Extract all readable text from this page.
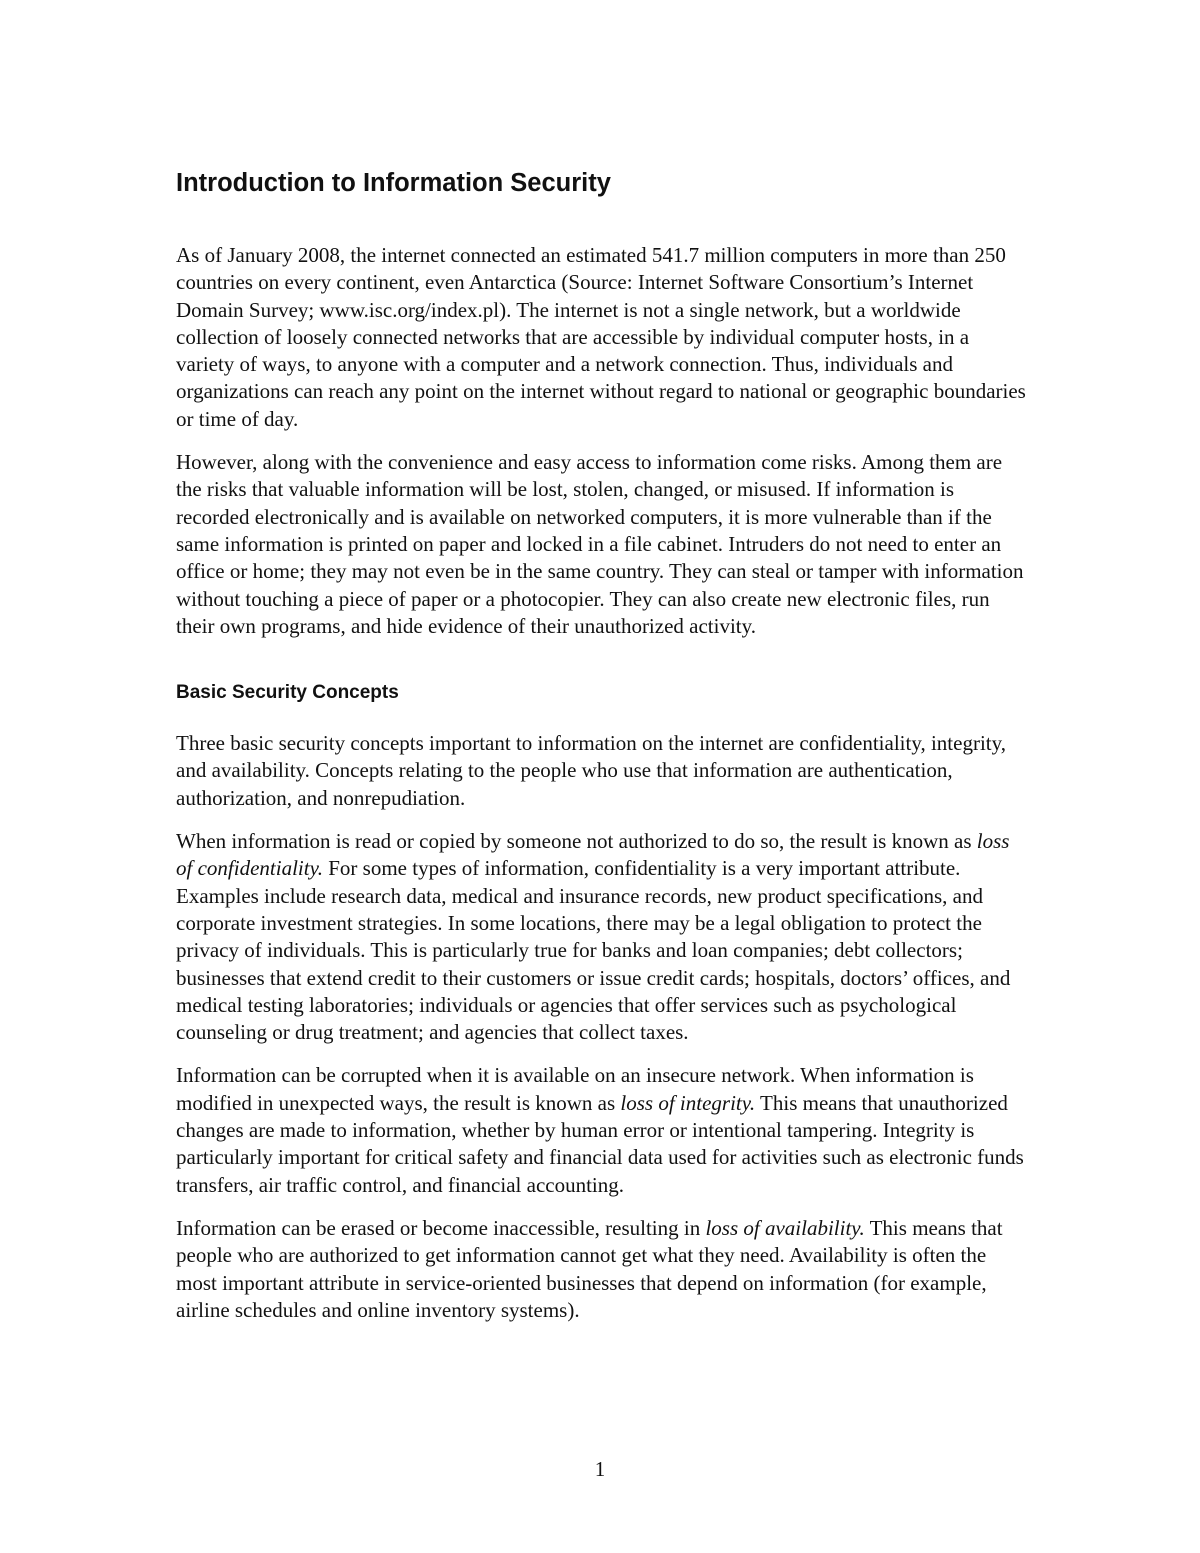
Introduction to Information Security

As of January 2008, the internet connected an estimated 541.7 million computers in more than 250 countries on every continent, even Antarctica (Source: Internet Software Consortium’s Internet Domain Survey; www.isc.org/index.pl). The internet is not a single network, but a worldwide collection of loosely connected networks that are accessible by individual computer hosts, in a variety of ways, to anyone with a computer and a network connection. Thus, individuals and organizations can reach any point on the internet without regard to national or geographic boundaries or time of day.

However, along with the convenience and easy access to information come risks. Among them are the risks that valuable information will be lost, stolen, changed, or misused. If information is recorded electronically and is available on networked computers, it is more vulnerable than if the same information is printed on paper and locked in a file cabinet. Intruders do not need to enter an office or home; they may not even be in the same country. They can steal or tamper with information without touching a piece of paper or a photocopier. They can also create new electronic files, run their own programs, and hide evidence of their unauthorized activity.

Basic Security Concepts

Three basic security concepts important to information on the internet are confidentiality, integrity, and availability. Concepts relating to the people who use that information are authentication, authorization, and nonrepudiation.

When information is read or copied by someone not authorized to do so, the result is known as loss of confidentiality. For some types of information, confidentiality is a very important attribute. Examples include research data, medical and insurance records, new product specifications, and corporate investment strategies. In some locations, there may be a legal obligation to protect the privacy of individuals. This is particularly true for banks and loan companies; debt collectors; businesses that extend credit to their customers or issue credit cards; hospitals, doctors’ offices, and medical testing laboratories; individuals or agencies that offer services such as psychological counseling or drug treatment; and agencies that collect taxes.

Information can be corrupted when it is available on an insecure network. When information is modified in unexpected ways, the result is known as loss of integrity. This means that unauthorized changes are made to information, whether by human error or intentional tampering. Integrity is particularly important for critical safety and financial data used for activities such as electronic funds transfers, air traffic control, and financial accounting.

Information can be erased or become inaccessible, resulting in loss of availability. This means that people who are authorized to get information cannot get what they need. Availability is often the most important attribute in service-oriented businesses that depend on information (for example, airline schedules and online inventory systems).

1
